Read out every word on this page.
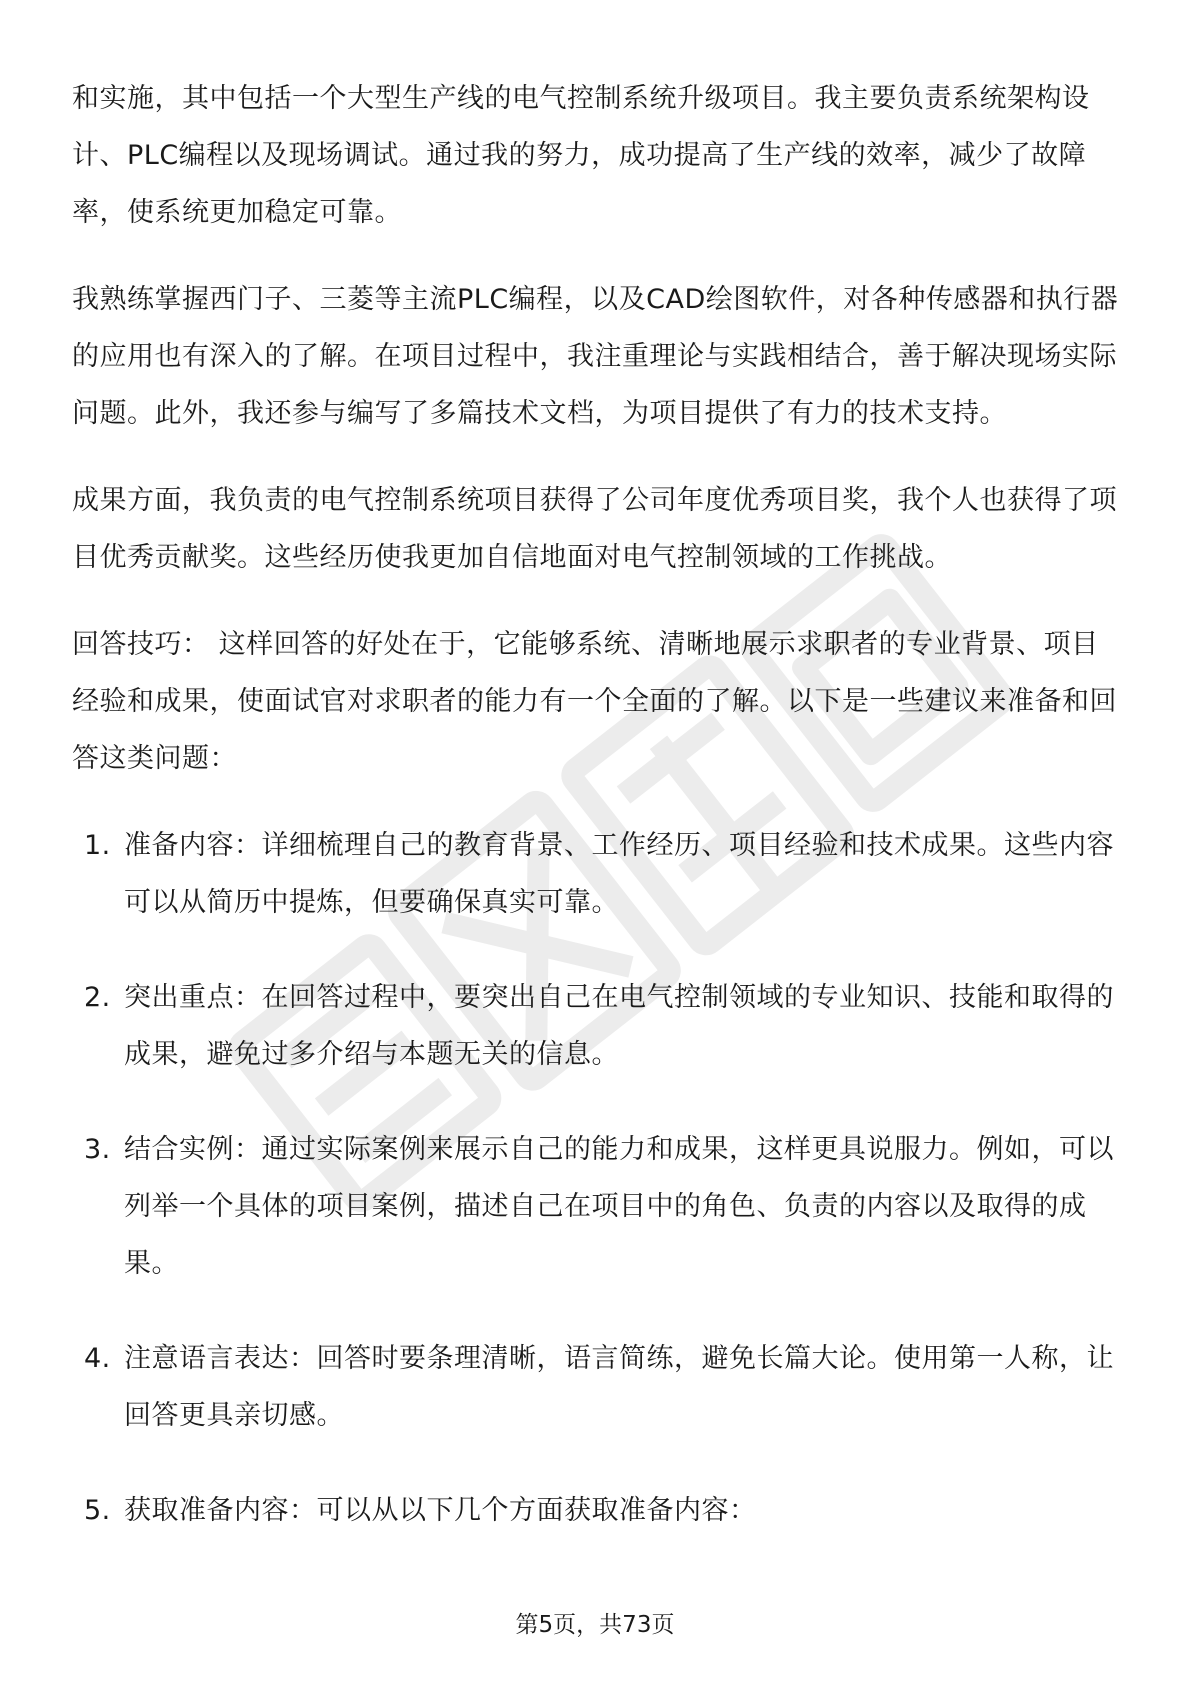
和实施，其中包括一个大型生产线的电气控制系统升级项目。我主要负责系统架构设计、PLC编程以及现场调试。通过我的努力，成功提高了生产线的效率，减少了故障率，使系统更加稳定可靠。

我熟练掌握西门子、三菱等主流PLC编程，以及CAD绘图软件，对各种传感器和执行器的应用也有深入的了解。在项目过程中，我注重理论与实践相结合，善于解决现场实际问题。此外，我还参与编写了多篇技术文档，为项目提供了有力的技术支持。

成果方面，我负责的电气控制系统项目获得了公司年度优秀项目奖，我个人也获得了项目优秀贡献奖。这些经历使我更加自信地面对电气控制领域的工作挑战。

回答技巧： 这样回答的好处在于，它能够系统、清晰地展示求职者的专业背景、项目经验和成果，使面试官对求职者的能力有一个全面的了解。以下是一些建议来准备和回答这类问题：

1. 准备内容：详细梳理自己的教育背景、工作经历、项目经验和技术成果。这些内容可以从简历中提炼，但要确保真实可靠。
2. 突出重点：在回答过程中，要突出自己在电气控制领域的专业知识、技能和取得的成果，避免过多介绍与本题无关的信息。
3. 结合实例：通过实际案例来展示自己的能力和成果，这样更具说服力。例如，可以列举一个具体的项目案例，描述自己在项目中的角色、负责的内容以及取得的成果。
4. 注意语言表达：回答时要条理清晰，语言简练，避免长篇大论。使用第一人称，让回答更具亲切感。
5. 获取准备内容：可以从以下几个方面获取准备内容：
第5页，共73页
